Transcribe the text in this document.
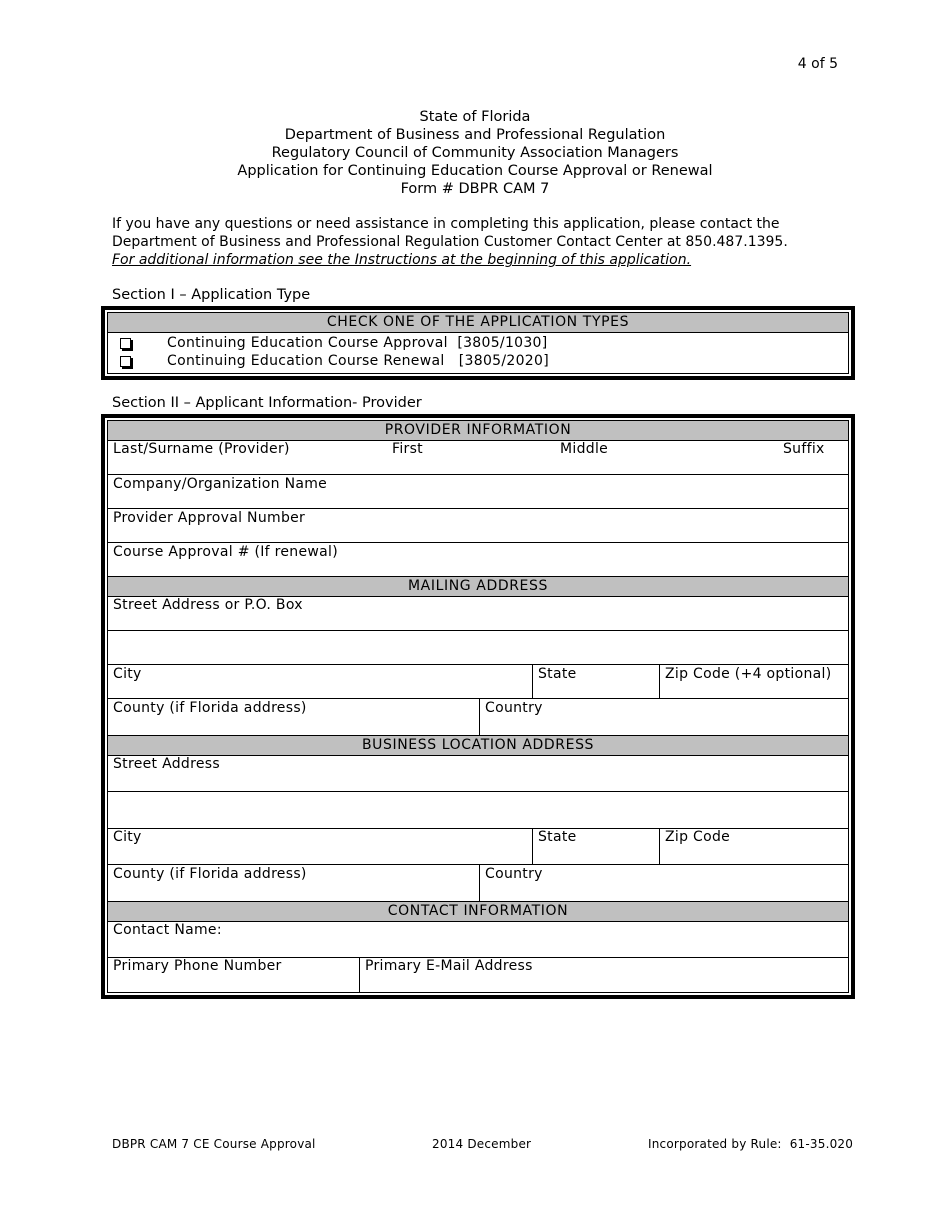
4 of 5
State of Florida
Department of Business and Professional Regulation
Regulatory Council of Community Association Managers
Application for Continuing Education Course Approval or Renewal
Form # DBPR CAM 7
If you have any questions or need assistance in completing this application, please contact the
Department of Business and Professional Regulation Customer Contact Center at 850.487.1395.
For additional information see the Instructions at the beginning of this application.
Section I – Application Type
CHECK ONE OF THE APPLICATION TYPES
Continuing Education Course Approval  [3805/1030]
Continuing Education Course Renewal   [3805/2020]
Section II – Applicant Information- Provider
PROVIDER INFORMATION
Last/Surname (Provider)	First	Middle	Suffix
Company/Organization Name
Provider Approval Number
Course Approval # (If renewal)
MAILING ADDRESS
Street Address or P.O. Box
City	State	Zip Code (+4 optional)
County (if Florida address)	Country
BUSINESS LOCATION ADDRESS
Street Address
City	State	Zip Code
County (if Florida address)	Country
CONTACT INFORMATION
Contact Name:
Primary Phone Number	Primary E-Mail Address
DBPR CAM 7 CE Course Approval	2014 December	Incorporated by Rule:  61-35.020
